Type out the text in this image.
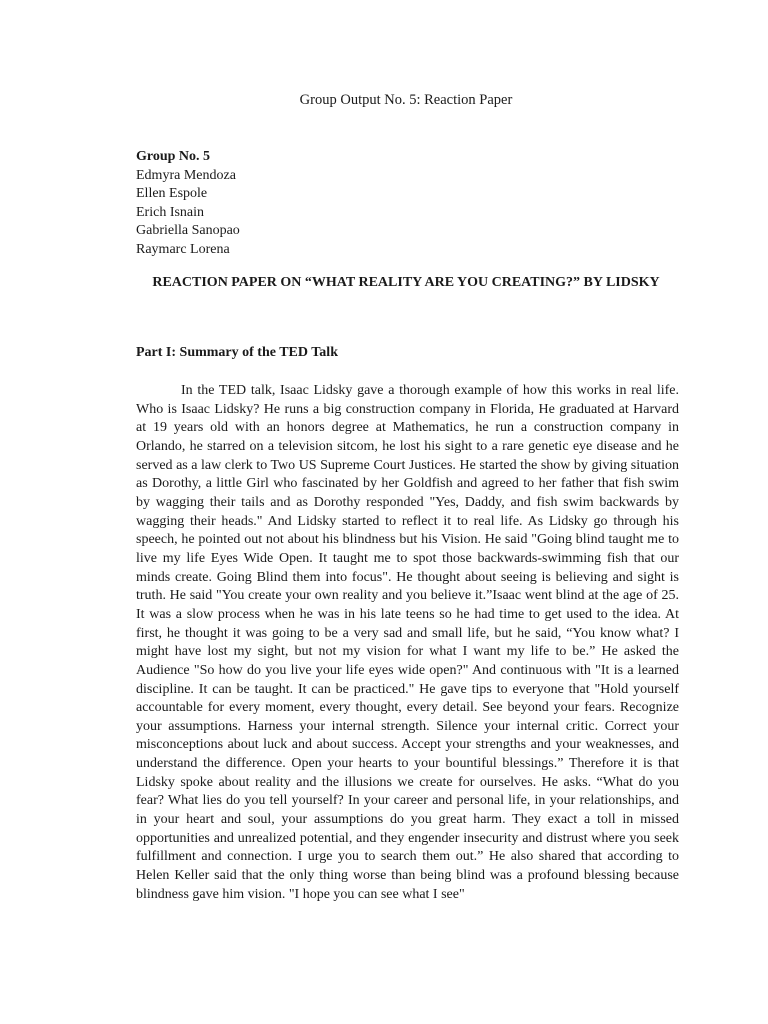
Group Output No. 5: Reaction Paper
Group No. 5
Edmyra Mendoza
Ellen Espole
Erich Isnain
Gabriella Sanopao
Raymarc Lorena
REACTION PAPER ON “WHAT REALITY ARE YOU CREATING?” BY LIDSKY
Part I: Summary of the TED Talk

In the TED talk, Isaac Lidsky gave a thorough example of how this works in real life. Who is Isaac Lidsky? He runs a big construction company in Florida, He graduated at Harvard at 19 years old with an honors degree at Mathematics, he run a construction company in Orlando, he starred on a television sitcom, he lost his sight to a rare genetic eye disease and he served as a law clerk to Two US Supreme Court Justices. He started the show by giving situation as Dorothy, a little Girl who fascinated by her Goldfish and agreed to her father that fish swim by wagging their tails and as Dorothy responded "Yes, Daddy, and fish swim backwards by wagging their heads." And Lidsky started to reflect it to real life. As Lidsky go through his speech, he pointed out not about his blindness but his Vision. He said "Going blind taught me to live my life Eyes Wide Open. It taught me to spot those backwards-swimming fish that our minds create. Going Blind them into focus". He thought about seeing is believing and sight is truth. He said "You create your own reality and you believe it.”Isaac went blind at the age of 25. It was a slow process when he was in his late teens so he had time to get used to the idea. At first, he thought it was going to be a very sad and small life, but he said, “You know what? I might have lost my sight, but not my vision for what I want my life to be.” He asked the Audience "So how do you live your life eyes wide open?" And continuous with "It is a learned discipline. It can be taught. It can be practiced." He gave tips to everyone that "Hold yourself accountable for every moment, every thought, every detail. See beyond your fears. Recognize your assumptions. Harness your internal strength. Silence your internal critic. Correct your misconceptions about luck and about success. Accept your strengths and your weaknesses, and understand the difference. Open your hearts to your bountiful blessings.” Therefore it is that Lidsky spoke about reality and the illusions we create for ourselves. He asks. “What do you fear? What lies do you tell yourself? In your career and personal life, in your relationships, and in your heart and soul, your assumptions do you great harm. They exact a toll in missed opportunities and unrealized potential, and they engender insecurity and distrust where you seek fulfillment and connection. I urge you to search them out.” He also shared that according to Helen Keller said that the only thing worse than being blind was a profound blessing because blindness gave him vision. "I hope you can see what I see"
